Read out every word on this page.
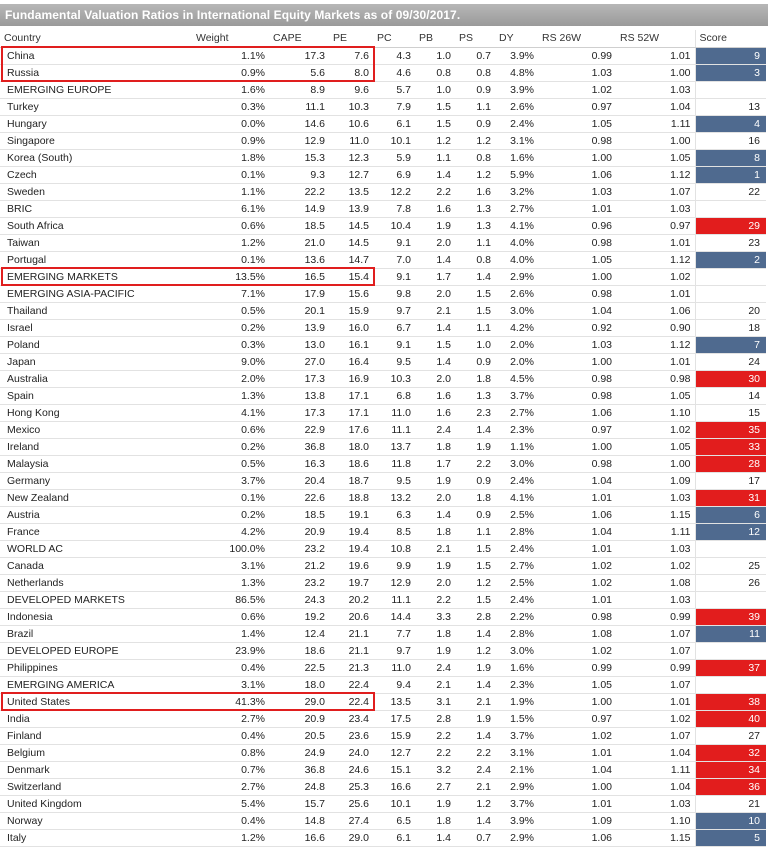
Fundamental Valuation Ratios in International Equity Markets as of 09/30/2017.
Country	Weight	CAPE	PE	PC	PB	PS	DY	RS 26W	RS 52W	Score
China	1.1%	17.3	7.6	4.3	1.0	0.7	3.9%	0.99	1.01	9
Russia	0.9%	5.6	8.0	4.6	0.8	0.8	4.8%	1.03	1.00	3
EMERGING EUROPE	1.6%	8.9	9.6	5.7	1.0	0.9	3.9%	1.02	1.03	
Turkey	0.3%	11.1	10.3	7.9	1.5	1.1	2.6%	0.97	1.04	13
Hungary	0.0%	14.6	10.6	6.1	1.5	0.9	2.4%	1.05	1.11	4
Singapore	0.9%	12.9	11.0	10.1	1.2	1.2	3.1%	0.98	1.00	16
Korea (South)	1.8%	15.3	12.3	5.9	1.1	0.8	1.6%	1.00	1.05	8
Czech	0.1%	9.3	12.7	6.9	1.4	1.2	5.9%	1.06	1.12	1
Sweden	1.1%	22.2	13.5	12.2	2.2	1.6	3.2%	1.03	1.07	22
BRIC	6.1%	14.9	13.9	7.8	1.6	1.3	2.7%	1.01	1.03	
South Africa	0.6%	18.5	14.5	10.4	1.9	1.3	4.1%	0.96	0.97	29
Taiwan	1.2%	21.0	14.5	9.1	2.0	1.1	4.0%	0.98	1.01	23
Portugal	0.1%	13.6	14.7	7.0	1.4	0.8	4.0%	1.05	1.12	2
EMERGING MARKETS	13.5%	16.5	15.4	9.1	1.7	1.4	2.9%	1.00	1.02	
EMERGING ASIA-PACIFIC	7.1%	17.9	15.6	9.8	2.0	1.5	2.6%	0.98	1.01	
Thailand	0.5%	20.1	15.9	9.7	2.1	1.5	3.0%	1.04	1.06	20
Israel	0.2%	13.9	16.0	6.7	1.4	1.1	4.2%	0.92	0.90	18
Poland	0.3%	13.0	16.1	9.1	1.5	1.0	2.0%	1.03	1.12	7
Japan	9.0%	27.0	16.4	9.5	1.4	0.9	2.0%	1.00	1.01	24
Australia	2.0%	17.3	16.9	10.3	2.0	1.8	4.5%	0.98	0.98	30
Spain	1.3%	13.8	17.1	6.8	1.6	1.3	3.7%	0.98	1.05	14
Hong Kong	4.1%	17.3	17.1	11.0	1.6	2.3	2.7%	1.06	1.10	15
Mexico	0.6%	22.9	17.6	11.1	2.4	1.4	2.3%	0.97	1.02	35
Ireland	0.2%	36.8	18.0	13.7	1.8	1.9	1.1%	1.00	1.05	33
Malaysia	0.5%	16.3	18.6	11.8	1.7	2.2	3.0%	0.98	1.00	28
Germany	3.7%	20.4	18.7	9.5	1.9	0.9	2.4%	1.04	1.09	17
New Zealand	0.1%	22.6	18.8	13.2	2.0	1.8	4.1%	1.01	1.03	31
Austria	0.2%	18.5	19.1	6.3	1.4	0.9	2.5%	1.06	1.15	6
France	4.2%	20.9	19.4	8.5	1.8	1.1	2.8%	1.04	1.11	12
WORLD AC	100.0%	23.2	19.4	10.8	2.1	1.5	2.4%	1.01	1.03	
Canada	3.1%	21.2	19.6	9.9	1.9	1.5	2.7%	1.02	1.02	25
Netherlands	1.3%	23.2	19.7	12.9	2.0	1.2	2.5%	1.02	1.08	26
DEVELOPED MARKETS	86.5%	24.3	20.2	11.1	2.2	1.5	2.4%	1.01	1.03	
Indonesia	0.6%	19.2	20.6	14.4	3.3	2.8	2.2%	0.98	0.99	39
Brazil	1.4%	12.4	21.1	7.7	1.8	1.4	2.8%	1.08	1.07	11
DEVELOPED EUROPE	23.9%	18.6	21.1	9.7	1.9	1.2	3.0%	1.02	1.07	
Philippines	0.4%	22.5	21.3	11.0	2.4	1.9	1.6%	0.99	0.99	37
EMERGING AMERICA	3.1%	18.0	22.4	9.4	2.1	1.4	2.3%	1.05	1.07	
United States	41.3%	29.0	22.4	13.5	3.1	2.1	1.9%	1.00	1.01	38
India	2.7%	20.9	23.4	17.5	2.8	1.9	1.5%	0.97	1.02	40
Finland	0.4%	20.5	23.6	15.9	2.2	1.4	3.7%	1.02	1.07	27
Belgium	0.8%	24.9	24.0	12.7	2.2	2.2	3.1%	1.01	1.04	32
Denmark	0.7%	36.8	24.6	15.1	3.2	2.4	2.1%	1.04	1.11	34
Switzerland	2.7%	24.8	25.3	16.6	2.7	2.1	2.9%	1.00	1.04	36
United Kingdom	5.4%	15.7	25.6	10.1	1.9	1.2	3.7%	1.01	1.03	21
Norway	0.4%	14.8	27.4	6.5	1.8	1.4	3.9%	1.09	1.10	10
Italy	1.2%	16.6	29.0	6.1	1.4	0.7	2.9%	1.06	1.15	5
